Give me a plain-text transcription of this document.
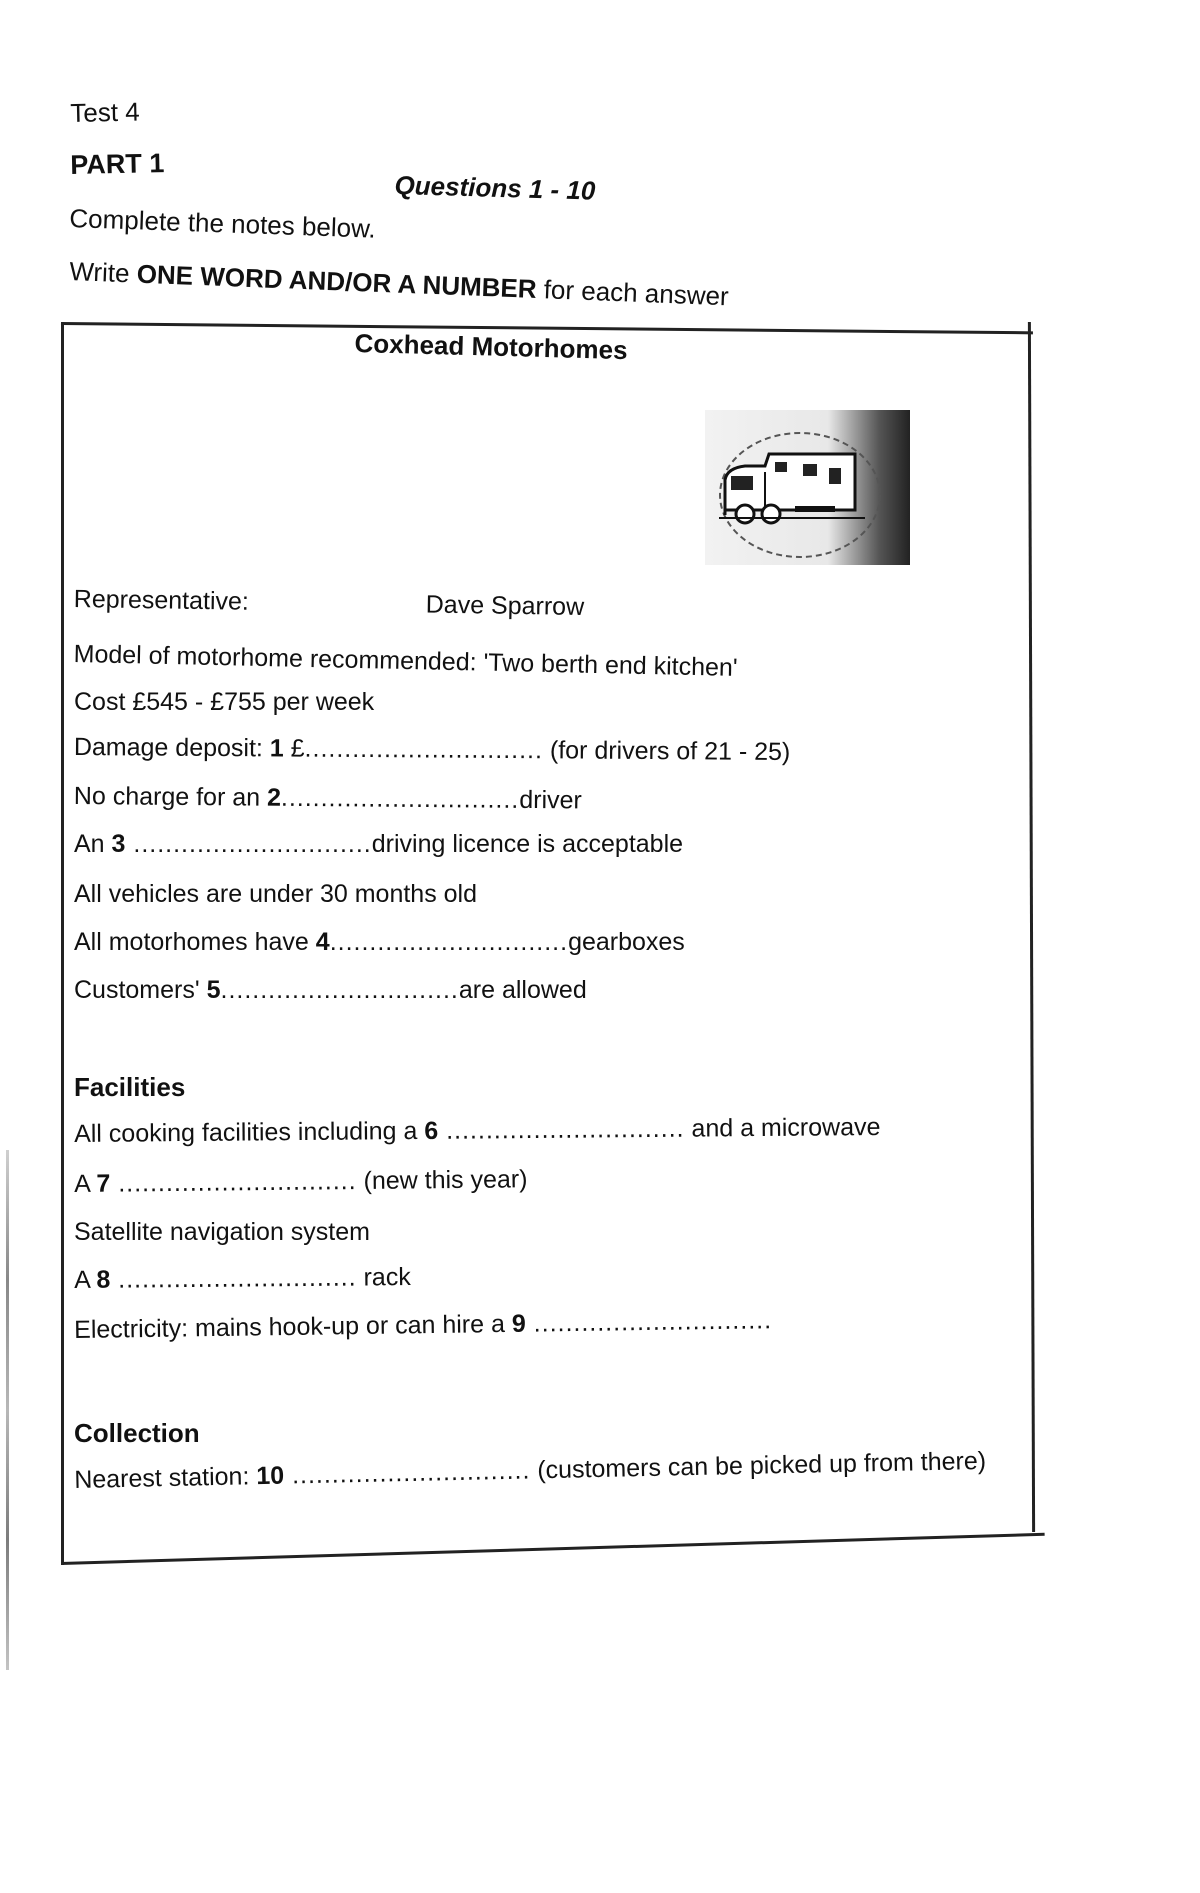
Test 4
PART 1
Questions 1 - 10
Complete the notes below.
Write ONE WORD AND/OR A NUMBER for each answer
Coxhead Motorhomes
Representative:	Dave Sparrow
Model of motorhome recommended: 'Two berth end kitchen'
Cost £545 - £755 per week
Damage deposit: 1 £.............................. (for drivers of 21 - 25)
No charge for an 2..............................driver
An 3 ..............................driving licence is acceptable
All vehicles are under 30 months old
All motorhomes have 4..............................gearboxes
Customers' 5..............................are allowed
Facilities
All cooking facilities including a 6 .............................. and a microwave
A 7 .............................. (new this year)
Satellite navigation system
A 8 .............................. rack
Electricity: mains hook-up or can hire a 9 ..............................
Collection
Nearest station: 10 .............................. (customers can be picked up from there)
